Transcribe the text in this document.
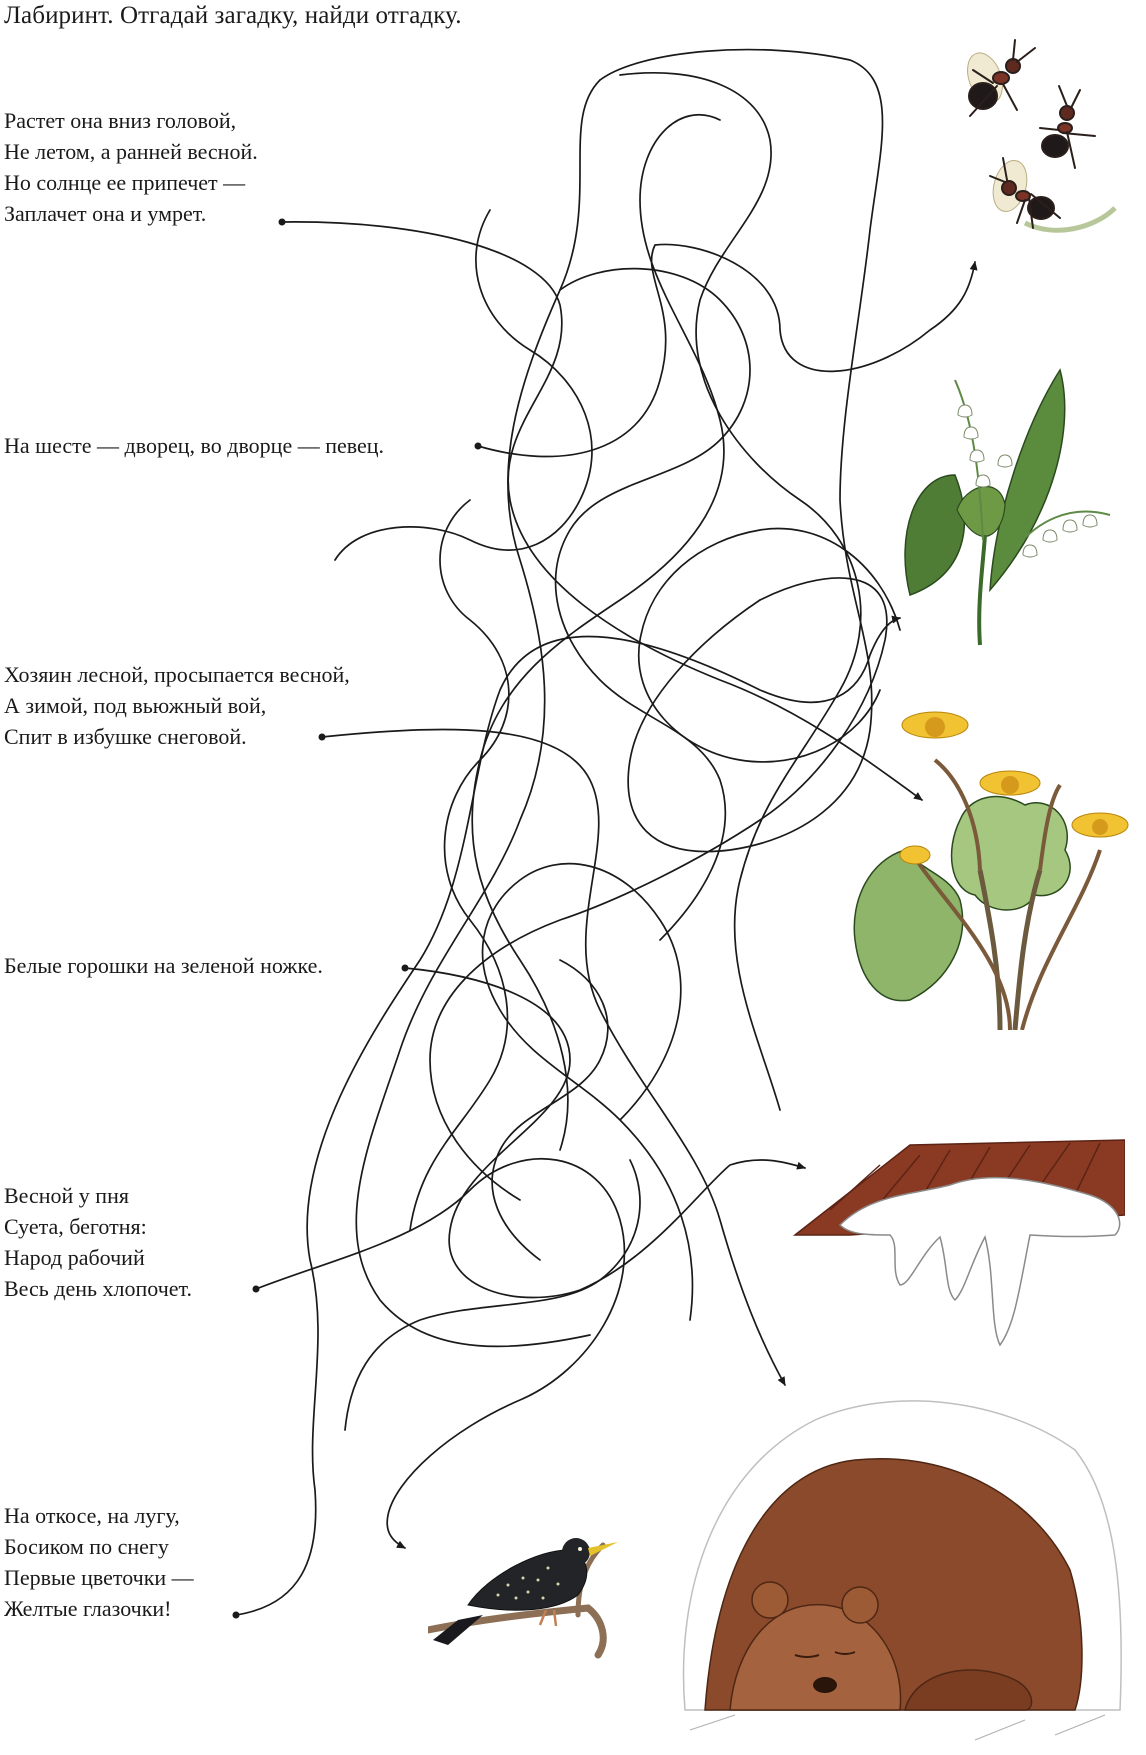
Лабиринт. Отгадай загадку, найди отгадку.
Растет она вниз головой,
Не летом, а ранней весной.
Но солнце ее припечет —
Заплачет она и умрет.
На шесте — дворец, во дворце — певец.
Хозяин лесной, просыпается весной,
А зимой, под вьюжный вой,
Спит в избушке снеговой.
Белые горошки на зеленой ножке.
Весной у пня
Суета, беготня:
Народ рабочий
Весь день хлопочет.
На откосе, на лугу,
Босиком по снегу
Первые цветочки —
Желтые глазочки!
